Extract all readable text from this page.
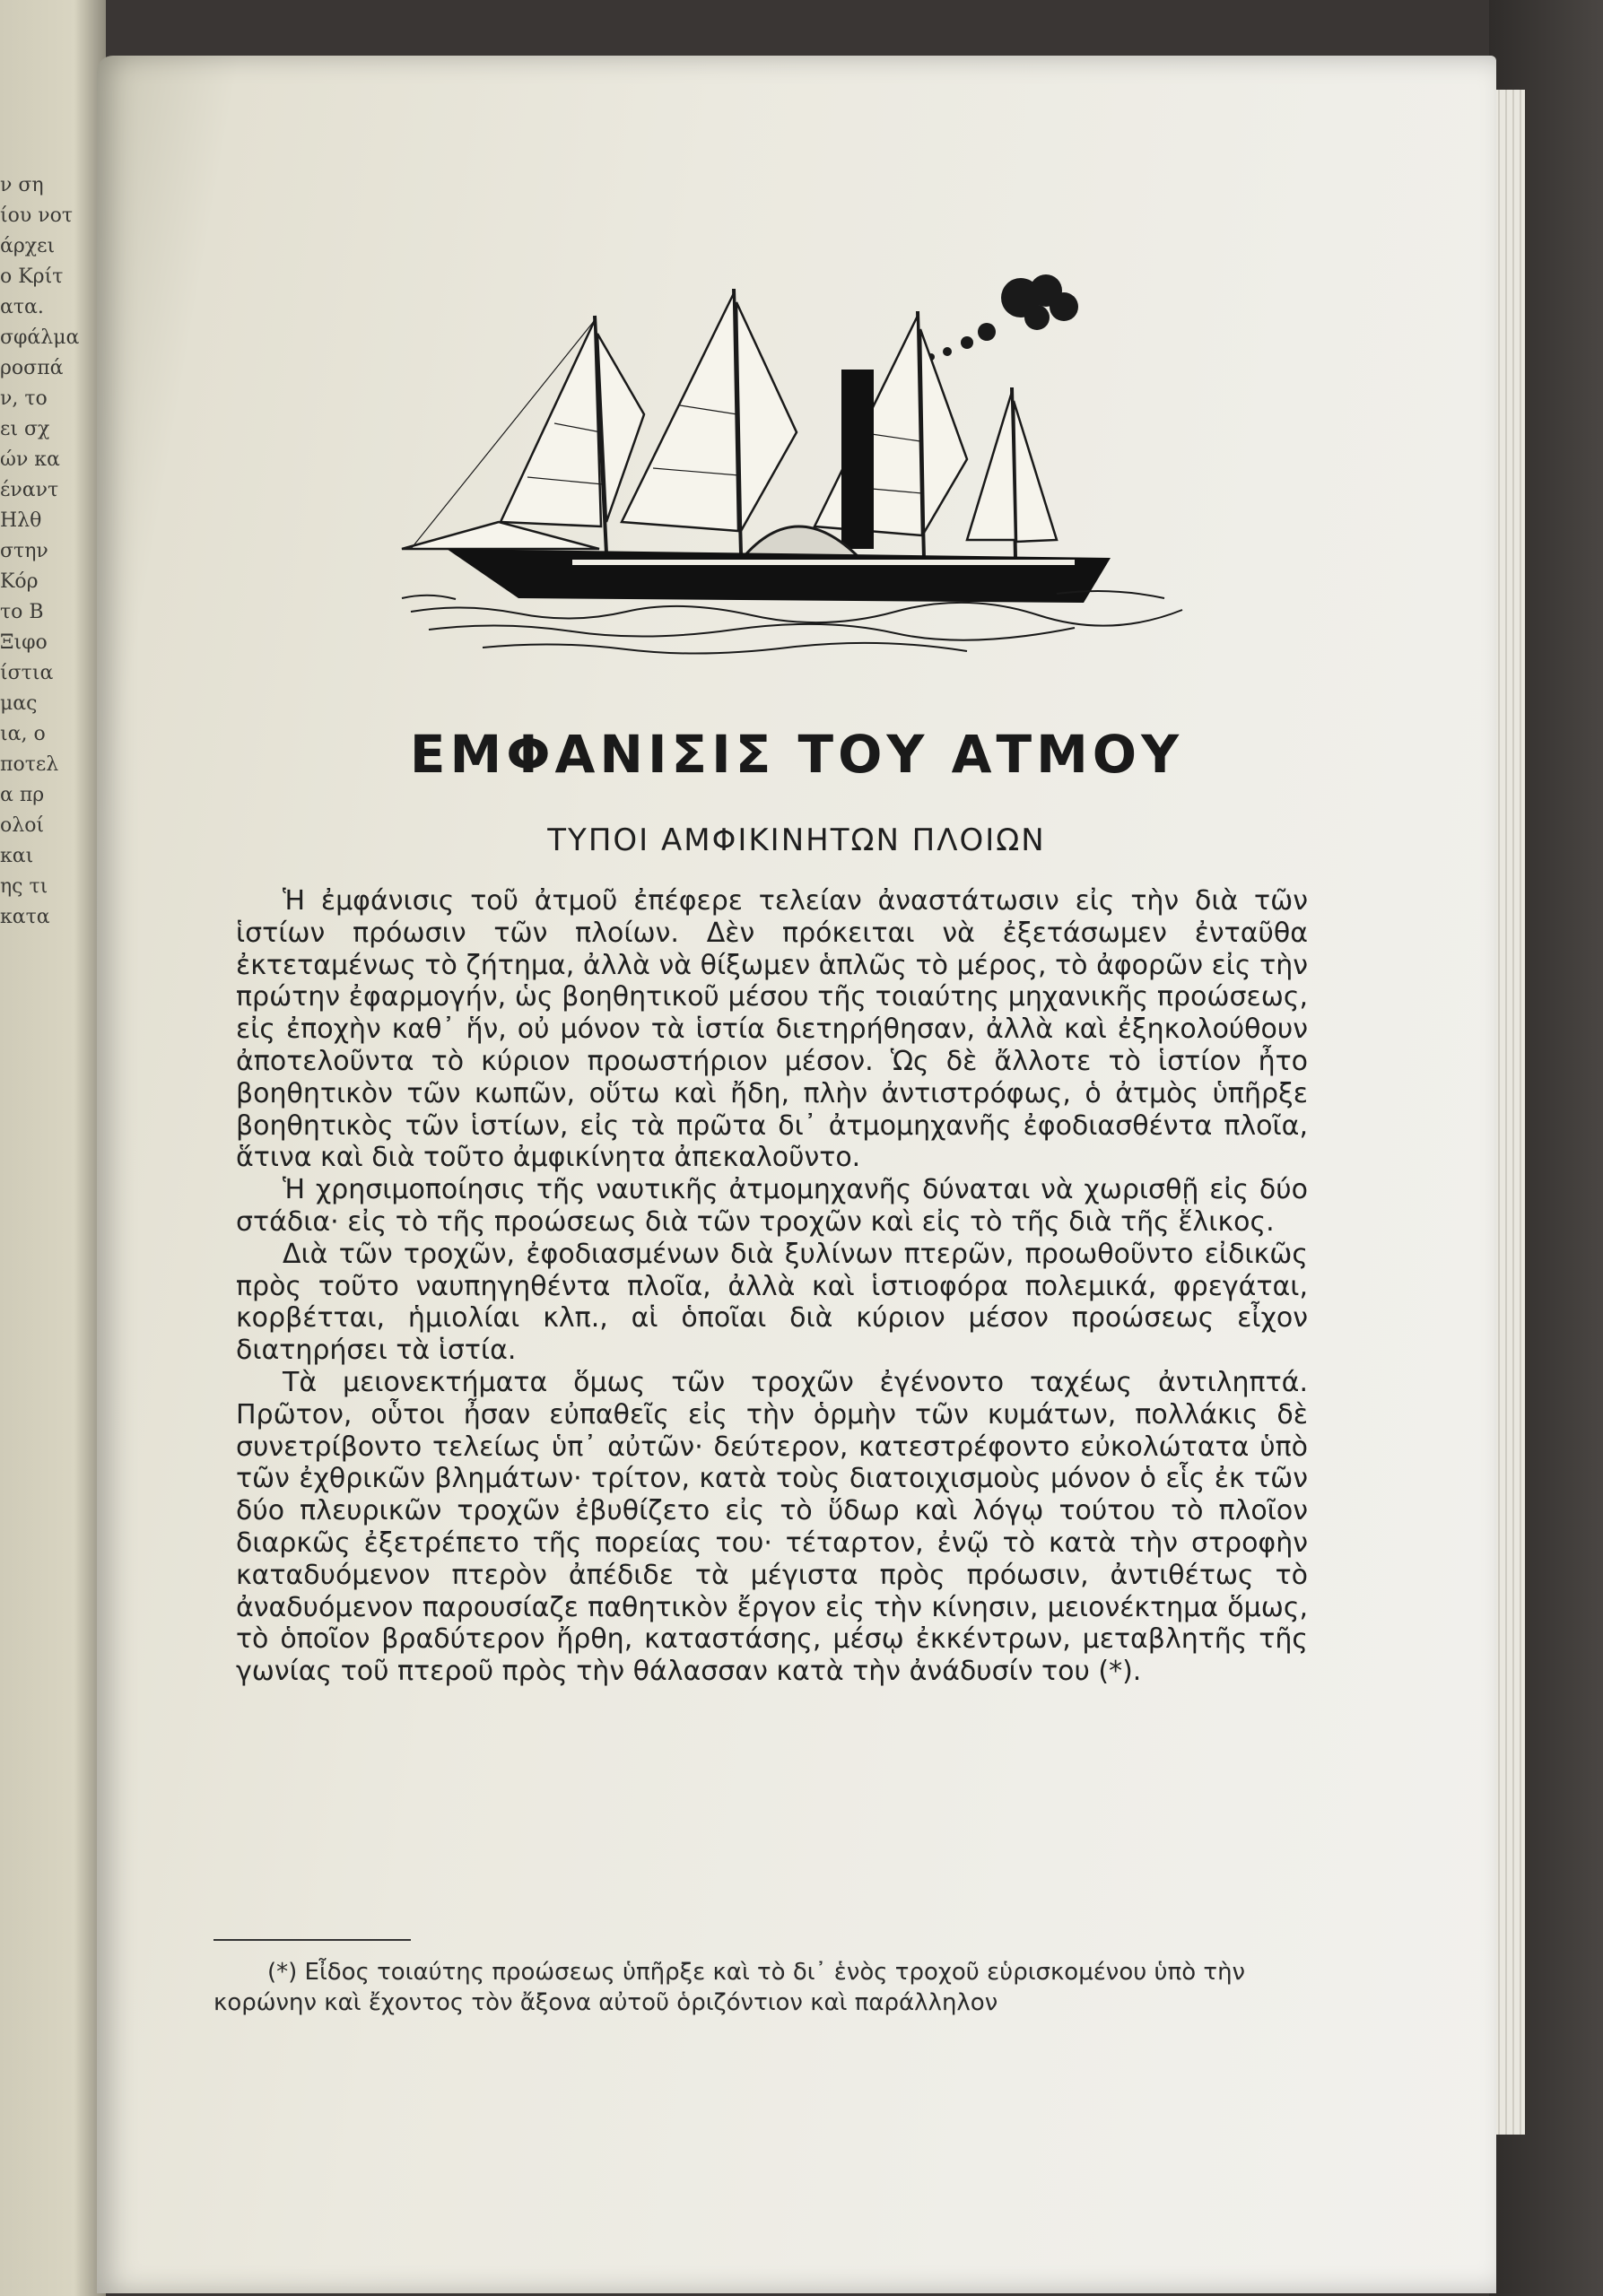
ν ση
ίου νοτ
άρχει
ο Κρίτ
ατα.
σφάλμα
ροσπά
ν, το
ει σχ
ών κα
έναντ
Ηλθ
στην
Κόρ
το Β
Ξιφο
ίστια
μας
ια, ο
ποτελ
α πρ
ολοί
και
ης τι
κατα
ΕΜΦΑΝΙΣΙΣ ΤΟΥ ΑΤΜΟΥ
ΤΥΠΟΙ ΑΜΦΙΚΙΝΗΤΩΝ ΠΛΟΙΩΝ

Ἡ ἐμφάνισις τοῦ ἀτμοῦ ἐπέφερε τελείαν ἀναστάτωσιν εἰς τὴν διὰ τῶν ἱστίων πρόωσιν τῶν πλοίων. Δὲν πρόκειται νὰ ἐξετάσωμεν ἐνταῦθα ἐκτεταμένως τὸ ζήτημα, ἀλλὰ νὰ θίξωμεν ἁπλῶς τὸ μέρος, τὸ ἀφορῶν εἰς τὴν πρώτην ἐφαρμογήν, ὡς βοηθητικοῦ μέσου τῆς τοιαύτης μηχανικῆς προώσεως, εἰς ἐποχὴν καθ᾽ ἥν, οὐ μόνον τὰ ἱστία διετηρήθησαν, ἀλλὰ καὶ ἐξηκολούθουν ἀποτελοῦντα τὸ κύριον προωστήριον μέσον. Ὡς δὲ ἄλλοτε τὸ ἱστίον ἦτο βοηθητικὸν τῶν κωπῶν, οὕτω καὶ ἤδη, πλὴν ἀντιστρόφως, ὁ ἀτμὸς ὑπῆρξε βοηθητικὸς τῶν ἱστίων, εἰς τὰ πρῶτα δι᾽ ἀτμομηχανῆς ἐφοδιασθέντα πλοῖα, ἅτινα καὶ διὰ τοῦτο ἀμφικίνητα ἀπεκαλοῦντο.

Ἡ χρησιμοποίησις τῆς ναυτικῆς ἀτμομηχανῆς δύναται νὰ χωρισθῇ εἰς δύο στάδια· εἰς τὸ τῆς προώσεως διὰ τῶν τροχῶν καὶ εἰς τὸ τῆς διὰ τῆς ἕλικος.

Διὰ τῶν τροχῶν, ἐφοδιασμένων διὰ ξυλίνων πτερῶν, προωθοῦντο εἰδικῶς πρὸς τοῦτο ναυπηγηθέντα πλοῖα, ἀλλὰ καὶ ἱστιοφόρα πολεμικά, φρεγάται, κορβέτται, ἡμιολίαι κλπ., αἱ ὁποῖαι διὰ κύριον μέσον προώσεως εἶχον διατηρήσει τὰ ἱστία.

Τὰ μειονεκτήματα ὅμως τῶν τροχῶν ἐγένοντο ταχέως ἀντιληπτά. Πρῶτον, οὗτοι ἦσαν εὐπαθεῖς εἰς τὴν ὁρμὴν τῶν κυμάτων, πολλάκις δὲ συνετρίβοντο τελείως ὑπ᾽ αὐτῶν· δεύτερον, κατεστρέφοντο εὐκολώτατα ὑπὸ τῶν ἐχθρικῶν βλημάτων· τρίτον, κατὰ τοὺς διατοιχισμοὺς μόνον ὁ εἷς ἐκ τῶν δύο πλευρικῶν τροχῶν ἐβυθίζετο εἰς τὸ ὕδωρ καὶ λόγῳ τούτου τὸ πλοῖον διαρκῶς ἐξετρέπετο τῆς πορείας του· τέταρτον, ἐνῷ τὸ κατὰ τὴν στροφὴν καταδυόμενον πτερὸν ἀπέδιδε τὰ μέγιστα πρὸς πρόωσιν, ἀντιθέτως τὸ ἀναδυόμενον παρουσίαζε παθητικὸν ἔργον εἰς τὴν κίνησιν, μειονέκτημα ὅμως, τὸ ὁποῖον βραδύτερον ἤρθη, καταστάσης, μέσῳ ἐκκέντρων, μεταβλητῆς τῆς γωνίας τοῦ πτεροῦ πρὸς τὴν θάλασσαν κατὰ τὴν ἀνάδυσίν του (*).

(*) Εἶδος τοιαύτης προώσεως ὑπῆρξε καὶ τὸ δι᾽ ἑνὸς τροχοῦ εὑρισκομένου ὑπὸ τὴν κορώνην καὶ ἔχοντος τὸν ἄξονα αὐτοῦ ὁριζόντιον καὶ παράλληλον
